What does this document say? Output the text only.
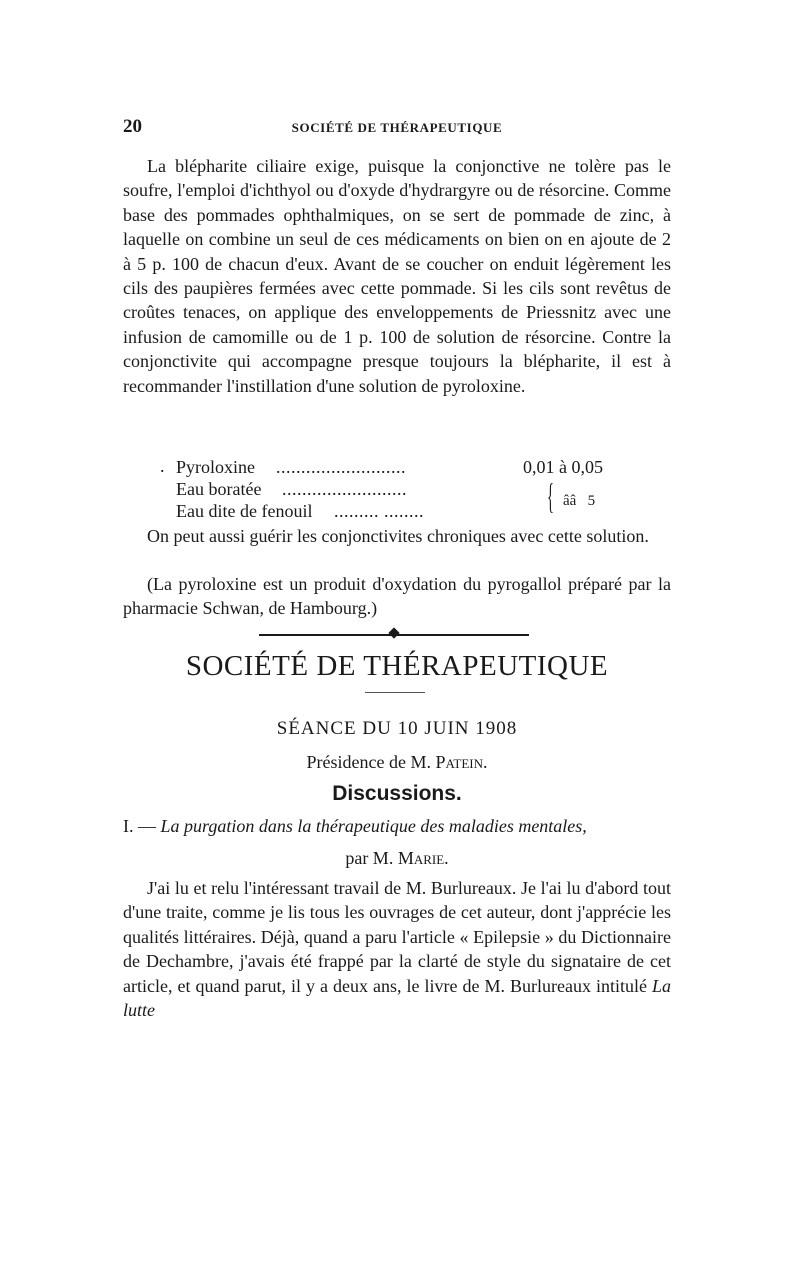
20	SOCIÉTÉ DE THÉRAPEUTIQUE

La blépharite ciliaire exige, puisque la conjonctive ne tolère pas le soufre, l'emploi d'ichthyol ou d'oxyde d'hydrargyre ou de résorcine. Comme base des pommades ophthalmiques, on se sert de pommade de zinc, à laquelle on combine un seul de ces médicaments on bien on en ajoute de 2 à 5 p. 100 de chacun d'eux. Avant de se coucher on enduit légèrement les cils des paupières fermées avec cette pommade. Si les cils sont revêtus de croûtes tenaces, on applique des enveloppements de Priessnitz avec une infusion de camomille ou de 1 p. 100 de solution de résorcine. Contre la conjonctivite qui accompagne presque toujours la blépharite, il est à recommander l'instillation d'une solution de pyroloxine.

. Pyroloxine ..........................	0,01 à 0,05
Eau boratée .........................
Eau dite de fenouil ......... ........	{ ââ   5

On peut aussi guérir les conjonctivites chroniques avec cette solution.

(La pyroloxine est un produit d'oxydation du pyrogallol préparé par la pharmacie Schwan, de Hambourg.)

SOCIÉTÉ DE THÉRAPEUTIQUE
SÉANCE DU 10 JUIN 1908
Présidence de M. Patein.
Discussions.
I. — La purgation dans la thérapeutique des maladies mentales,
par M. Marie.

J'ai lu et relu l'intéressant travail de M. Burlureaux. Je l'ai lu d'abord tout d'une traite, comme je lis tous les ouvrages de cet auteur, dont j'apprécie les qualités littéraires. Déjà, quand a paru l'article « Epilepsie » du Dictionnaire de Dechambre, j'avais été frappé par la clarté de style du signataire de cet article, et quand parut, il y a deux ans, le livre de M. Burlureaux intitulé La lutte
